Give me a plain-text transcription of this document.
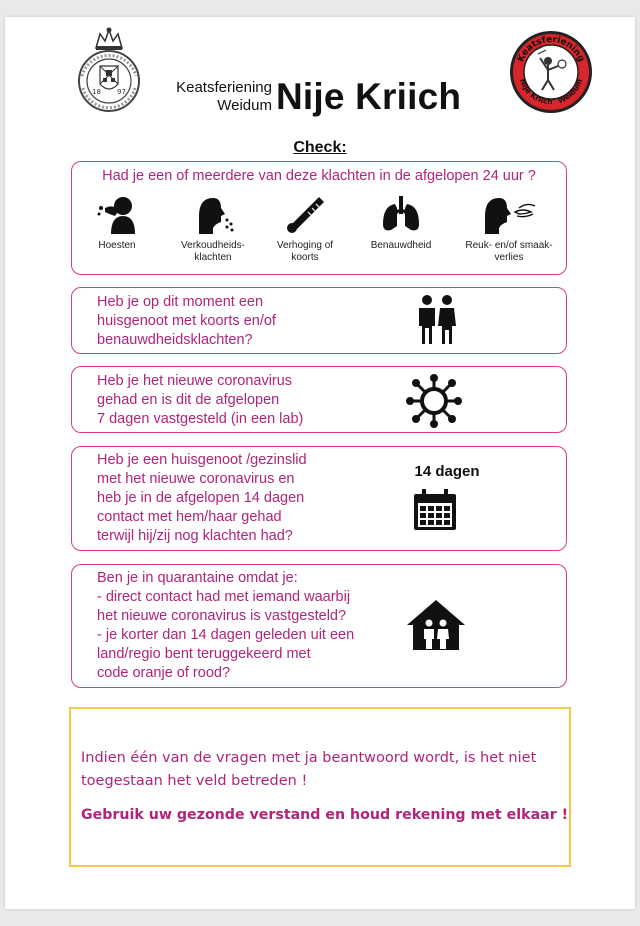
18 97	Keatsferiening
Weidum Nije Kriich
Keatsferiening
Nije Kriich" Weidum
Check:
Had je een of meerdere van deze klachten in de afgelopen 24 uur ?
Hoesten	Verkoudheids-
klachten
Verhoging of
koorts
Benauwdheid	Reuk- en/of smaak-
verlies
Heb je op dit moment een
huisgenoot met koorts en/of
benauwdheidsklachten?
Heb je het nieuwe coronavirus
gehad en is dit de afgelopen
7 dagen vastgesteld (in een lab)
Heb je een huisgenoot /gezinslid
met het nieuwe coronavirus en
heb je in de afgelopen 14 dagen
contact met hem/haar gehad
terwijl hij/zij nog klachten had?
14 dagen
Ben je in quarantaine omdat je:
- direct contact had met iemand waarbij
het nieuwe coronavirus is vastgesteld?
- je korter dan 14 dagen geleden uit een
land/regio bent teruggekeerd met
code oranje of rood?
Indien één van de vragen met ja beantwoord wordt, is het niet toegestaan het veld betreden !
Gebruik uw gezonde verstand en houd rekening met elkaar !
